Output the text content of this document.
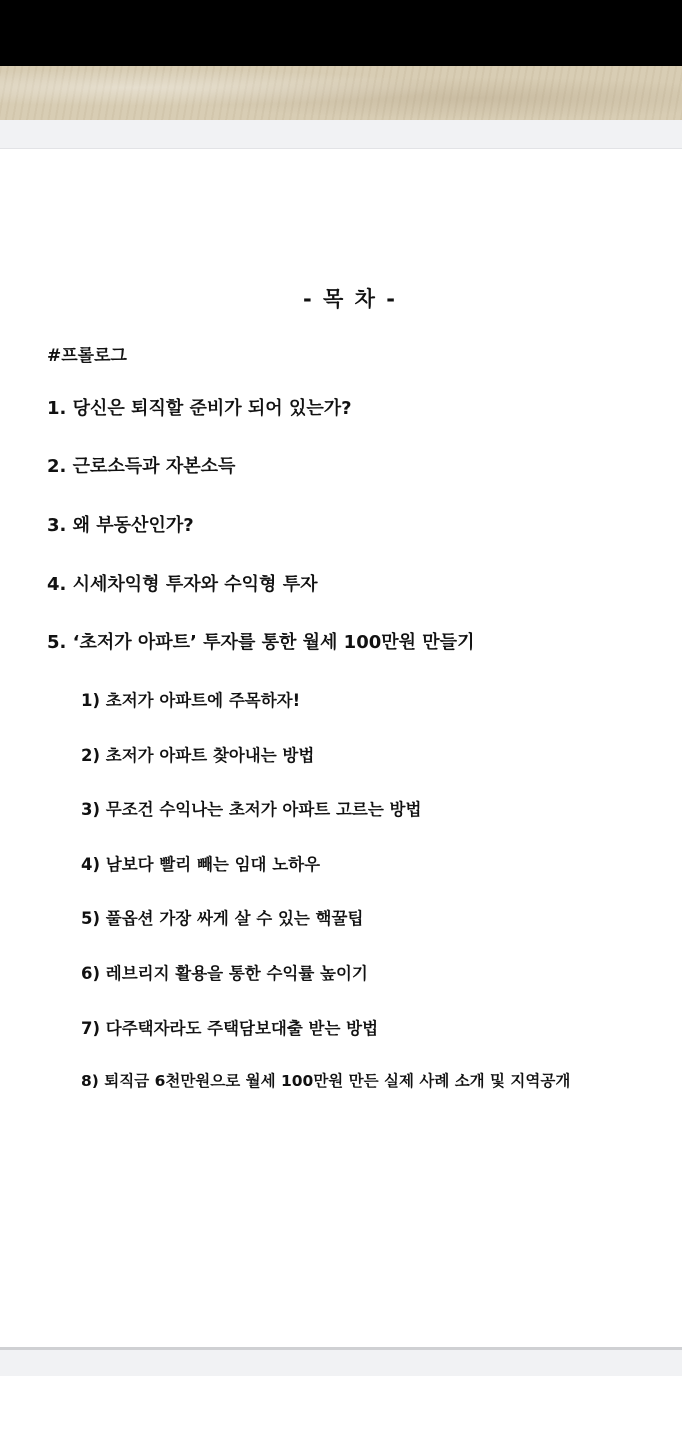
- 목 차 -
#프롤로그
1. 당신은 퇴직할 준비가 되어 있는가?
2. 근로소득과 자본소득
3. 왜 부동산인가?
4. 시세차익형 투자와 수익형 투자
5. ‘초저가 아파트’ 투자를 통한 월세 100만원 만들기
1) 초저가 아파트에 주목하자!
2) 초저가 아파트 찾아내는 방법
3) 무조건 수익나는 초저가 아파트 고르는 방법
4) 남보다 빨리 빼는 임대 노하우
5) 풀옵션 가장 싸게 살 수 있는 핵꿀팁
6) 레브리지 활용을 통한 수익률 높이기
7) 다주택자라도 주택담보대출 받는 방법
8) 퇴직금 6천만원으로 월세 100만원 만든 실제 사례 소개 및 지역공개
